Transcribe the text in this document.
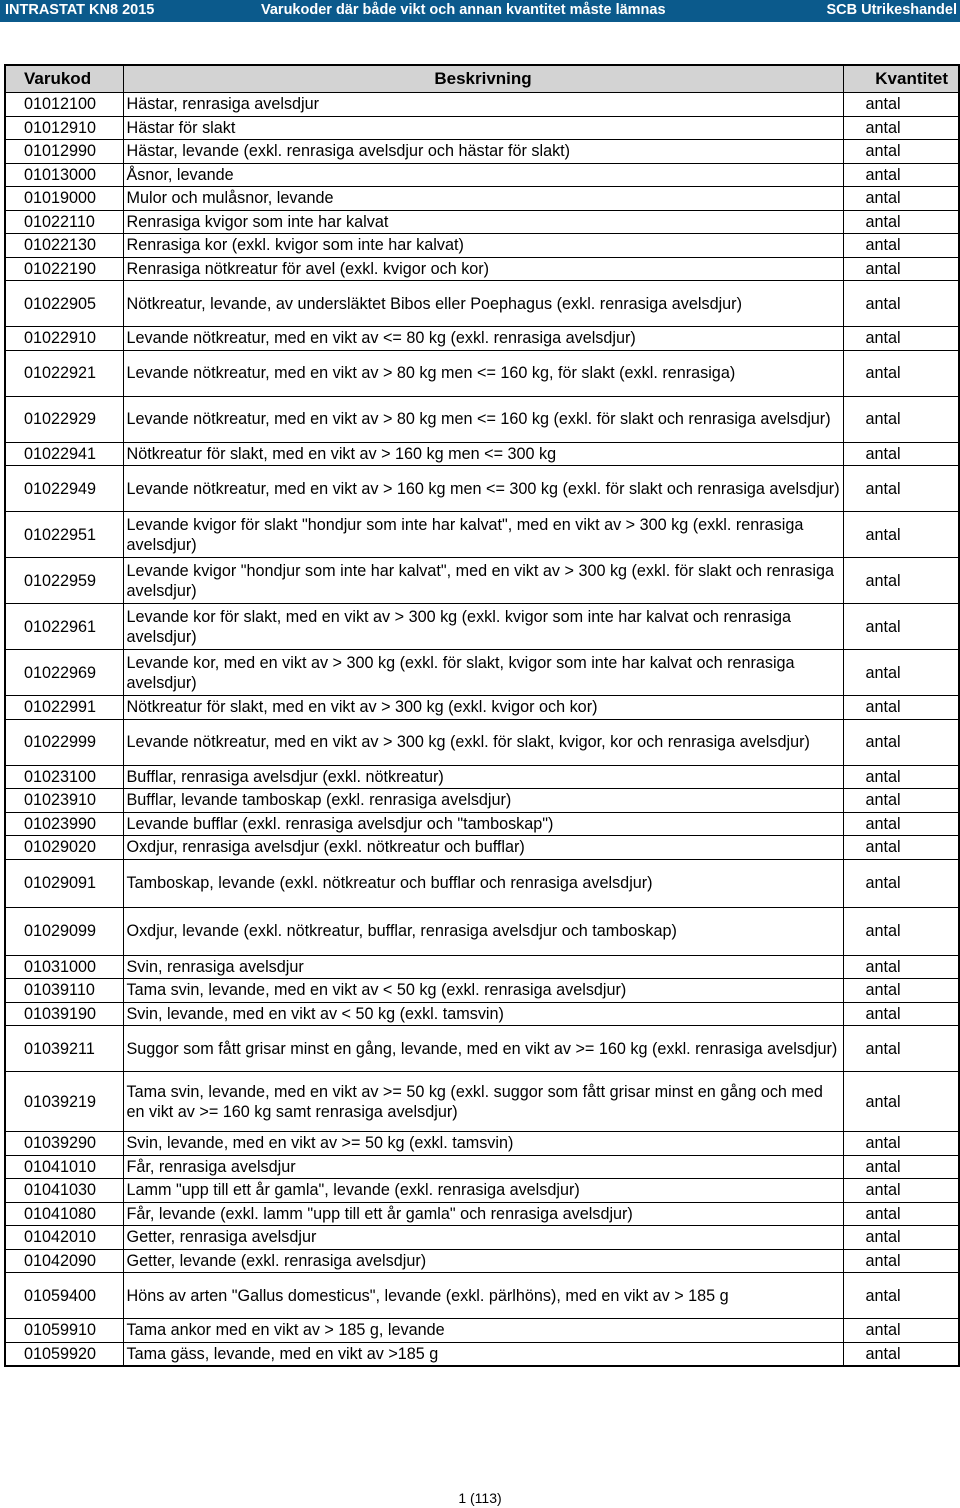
INTRASTAT KN8 2015	Varukoder där både vikt och annan kvantitet måste lämnas	SCB Utrikeshandel
Varukod	Beskrivning	Kvantitet
01012100	Hästar, renrasiga avelsdjur	antal
01012910	Hästar för slakt	antal
01012990	Hästar, levande (exkl. renrasiga avelsdjur och hästar för slakt)	antal
01013000	Åsnor, levande	antal
01019000	Mulor och mulåsnor, levande	antal
01022110	Renrasiga kvigor som inte har kalvat	antal
01022130	Renrasiga kor (exkl. kvigor som inte har kalvat)	antal
01022190	Renrasiga nötkreatur för avel (exkl. kvigor och kor)	antal
01022905	Nötkreatur, levande, av undersläktet Bibos eller Poephagus (exkl. renrasiga avelsdjur)	antal
01022910	Levande nötkreatur, med en vikt av <= 80 kg (exkl. renrasiga avelsdjur)	antal
01022921	Levande nötkreatur, med en vikt av > 80 kg men <= 160 kg, för slakt (exkl. renrasiga)	antal
01022929	Levande nötkreatur, med en vikt av > 80 kg men <= 160 kg (exkl. för slakt och renrasiga avelsdjur)	antal
01022941	Nötkreatur för slakt, med en vikt av > 160 kg men <= 300 kg	antal
01022949	Levande nötkreatur, med en vikt av > 160 kg men <= 300 kg (exkl. för slakt och renrasiga avelsdjur)	antal
01022951	Levande kvigor för slakt "hondjur som inte har kalvat", med en vikt av > 300 kg (exkl. renrasiga avelsdjur)	antal
01022959	Levande kvigor "hondjur som inte har kalvat", med en vikt av > 300 kg (exkl. för slakt och renrasiga avelsdjur)	antal
01022961	Levande kor för slakt, med en vikt av > 300 kg (exkl. kvigor som inte har kalvat och renrasiga avelsdjur)	antal
01022969	Levande kor, med en vikt av > 300 kg (exkl. för slakt, kvigor som inte har kalvat och renrasiga avelsdjur)	antal
01022991	Nötkreatur för slakt, med en vikt av > 300 kg (exkl. kvigor och kor)	antal
01022999	Levande nötkreatur, med en vikt av > 300 kg (exkl. för slakt, kvigor, kor och renrasiga avelsdjur)	antal
01023100	Bufflar, renrasiga avelsdjur (exkl. nötkreatur)	antal
01023910	Bufflar, levande tamboskap (exkl. renrasiga avelsdjur)	antal
01023990	Levande bufflar (exkl. renrasiga avelsdjur och "tamboskap")	antal
01029020	Oxdjur, renrasiga avelsdjur (exkl. nötkreatur och bufflar)	antal
01029091	Tamboskap, levande (exkl. nötkreatur och bufflar och renrasiga avelsdjur)	antal
01029099	Oxdjur, levande (exkl. nötkreatur, bufflar, renrasiga avelsdjur och tamboskap)	antal
01031000	Svin, renrasiga avelsdjur	antal
01039110	Tama svin, levande, med en vikt av < 50 kg (exkl. renrasiga avelsdjur)	antal
01039190	Svin, levande, med en vikt av < 50 kg (exkl. tamsvin)	antal
01039211	Suggor som fått grisar minst en gång, levande, med en vikt av >= 160 kg (exkl. renrasiga avelsdjur)	antal
01039219	Tama svin, levande, med en vikt av >= 50 kg (exkl. suggor som fått grisar minst en gång och med en vikt av >= 160 kg samt renrasiga avelsdjur)	antal
01039290	Svin, levande, med en vikt av >= 50 kg (exkl. tamsvin)	antal
01041010	Får, renrasiga avelsdjur	antal
01041030	Lamm "upp till ett år gamla", levande (exkl. renrasiga avelsdjur)	antal
01041080	Får, levande (exkl. lamm "upp till ett år gamla" och renrasiga avelsdjur)	antal
01042010	Getter, renrasiga avelsdjur	antal
01042090	Getter, levande (exkl. renrasiga avelsdjur)	antal
01059400	Höns av arten "Gallus domesticus", levande (exkl. pärlhöns), med en vikt av > 185 g	antal
01059910	Tama ankor med en vikt av > 185 g, levande	antal
01059920	Tama gäss, levande, med en vikt av >185 g	antal
1 (113)
